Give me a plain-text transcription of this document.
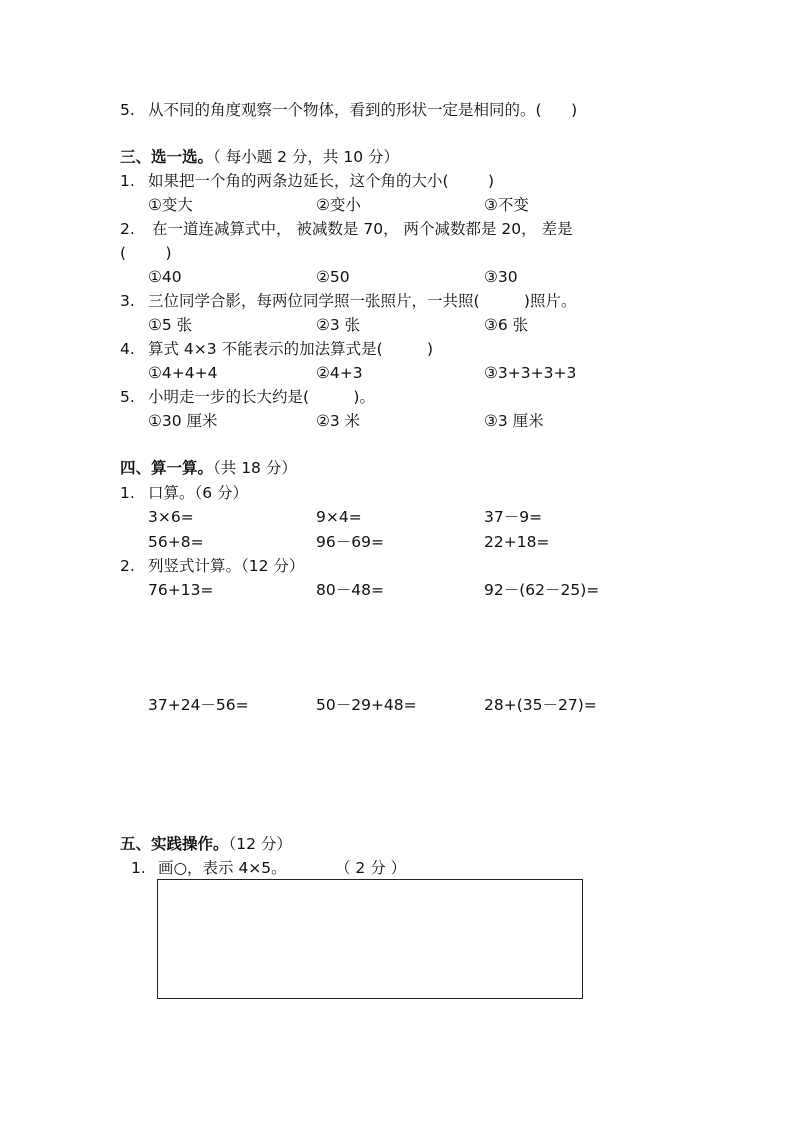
5. 从不同的角度观察一个物体，看到的形状一定是相同的。(      )
三、选一选。（ 每小题 2 分，共 10 分）
1. 如果把一个角的两条边延长，这个角的大小(        )
①变大	②变小	③不变
2. 在一道连减算式中， 被减数是 70， 两个减数都是 20， 差是
(        )
①40	②50	③30
3. 三位同学合影，每两位同学照一张照片，一共照(         )照片。
①5 张	②3 张	③6 张
4. 算式 4×3 不能表示的加法算式是(         )
①4+4+4	②4+3	③3+3+3+3
5. 小明走一步的长大约是(         )。
①30 厘米	②3 米	③3 厘米
四、算一算。（共 18 分）
1. 口算。（6 分）
3×6=	9×4=	37－9=
56+8=	96－69=	22+18=
2. 列竖式计算。（12 分）
76+13=	80－48=	92－(62－25)=
37+24－56=	50－29+48=	28+(35－27)=
五、实践操作。（12 分）
1. 画○，表示 4×5。	（ 2 分 ）
